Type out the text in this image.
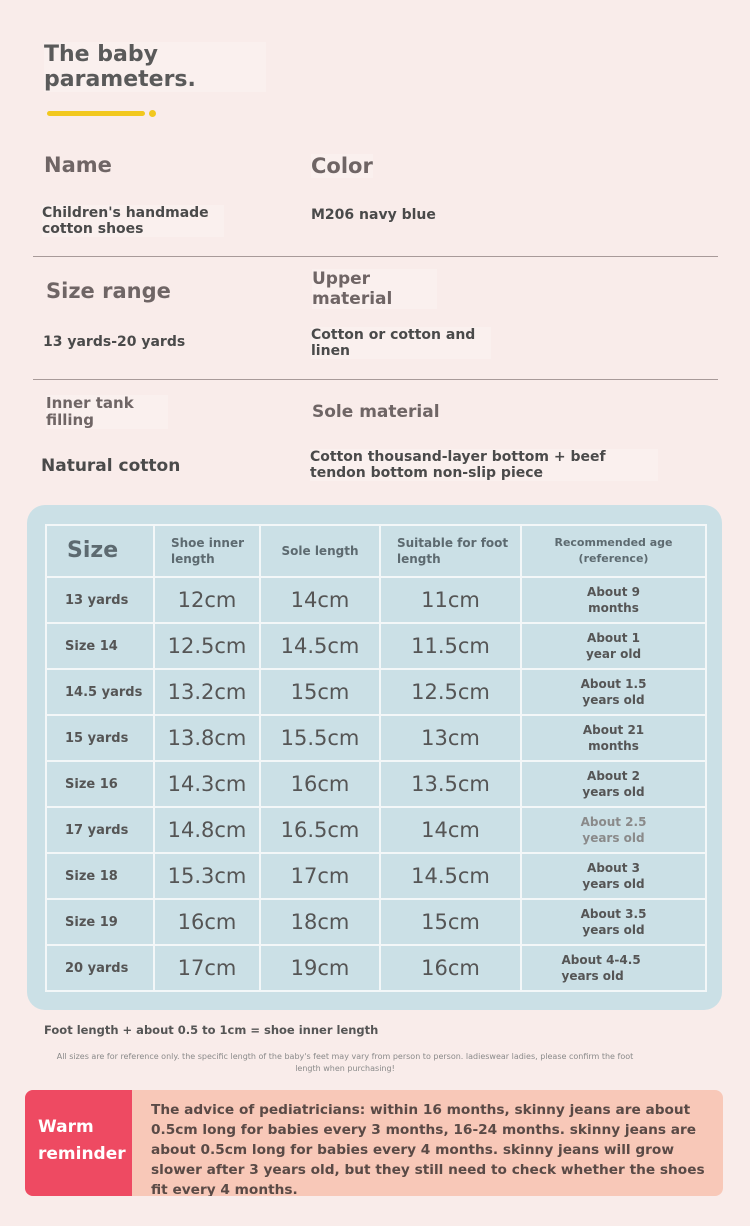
The baby parameters.
Name
Children's handmade cotton shoes
Color
M206 navy blue
Size range
13 yards-20 yards
Upper material
Cotton or cotton and linen
Inner tank filling
Natural cotton
Sole material
Cotton thousand-layer bottom + beef tendon bottom non-slip piece
Size	Shoe inner length	Sole length	Suitable for foot length	Recommended age (reference)
13 yards	12cm	14cm	11cm	About 9 months

Size 14	12.5cm	14.5cm	11.5cm	About 1 year old

14.5 yards	13.2cm	15cm	12.5cm	About 1.5 years old

15 yards	13.8cm	15.5cm	13cm	About 21 months

Size 16	14.3cm	16cm	13.5cm	About 2 years old

17 yards	14.8cm	16.5cm	14cm	About 2.5 years old

Size 18	15.3cm	17cm	14.5cm	About 3 years old

Size 19	16cm	18cm	15cm	About 3.5 years old

20 yards	17cm	19cm	16cm	About 4-4.5 years old
Foot length + about 0.5 to 1cm = shoe inner length
All sizes are for reference only. the specific length of the baby's feet may vary from person to person. ladieswear ladies, please confirm the foot length when purchasing!
Warm
reminder
The advice of pediatricians: within 16 months, skinny jeans are about 0.5cm long for babies every 3 months, 16-24 months. skinny jeans are about 0.5cm long for babies every 4 months. skinny jeans will grow slower after 3 years old, but they still need to check whether the shoes fit every 4 months.
